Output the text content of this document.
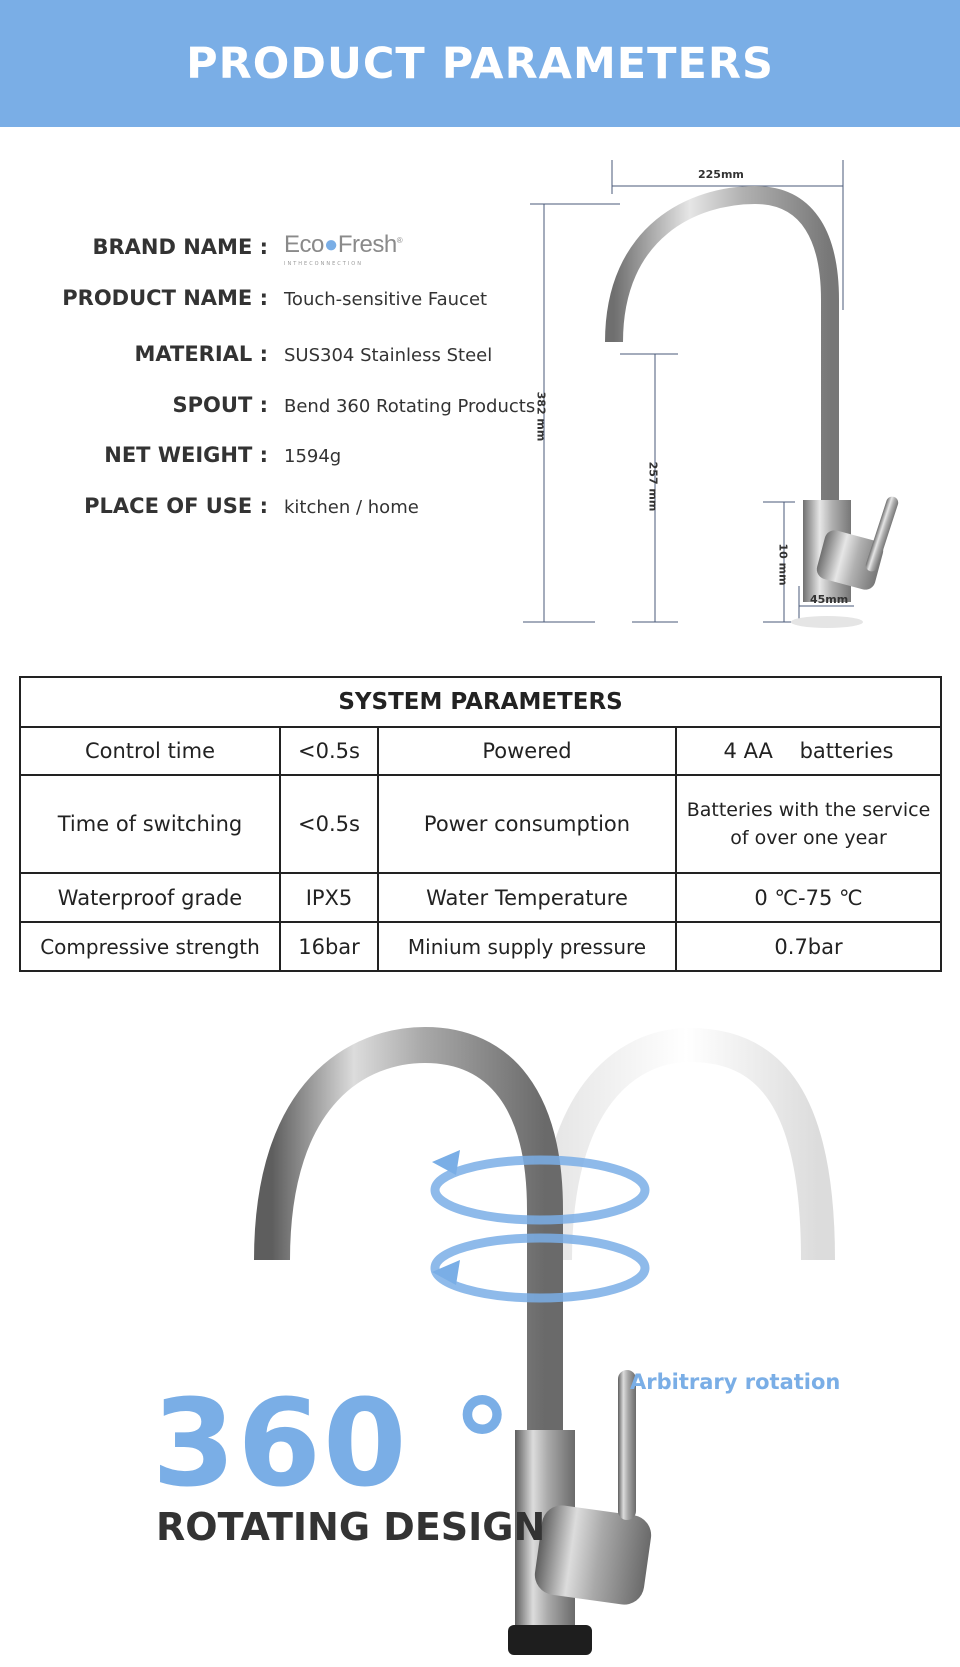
PRODUCT PARAMETERS
BRAND NAME : Eco●Fresh®
INTHECONNECTION
PRODUCT NAME : Touch-sensitive Faucet
MATERIAL : SUS304 Stainless Steel
SPOUT : Bend 360 Rotating Products
NET WEIGHT : 1594g
PLACE OF USE : kitchen / home
225mm
382 mm
257 mm
10 mm
45mm
SYSTEM PARAMETERS			
Control time	<0.5s	Powered	4 AA    batteries
Time of switching	<0.5s	Power consumption	Batteries with the service of over one year
Waterproof grade	IPX5	Water Temperature	0 ℃-75 ℃
Compressive strength	16bar	Minium supply pressure	0.7bar
Arbitrary rotation
360 °
ROTATING DESIGN
